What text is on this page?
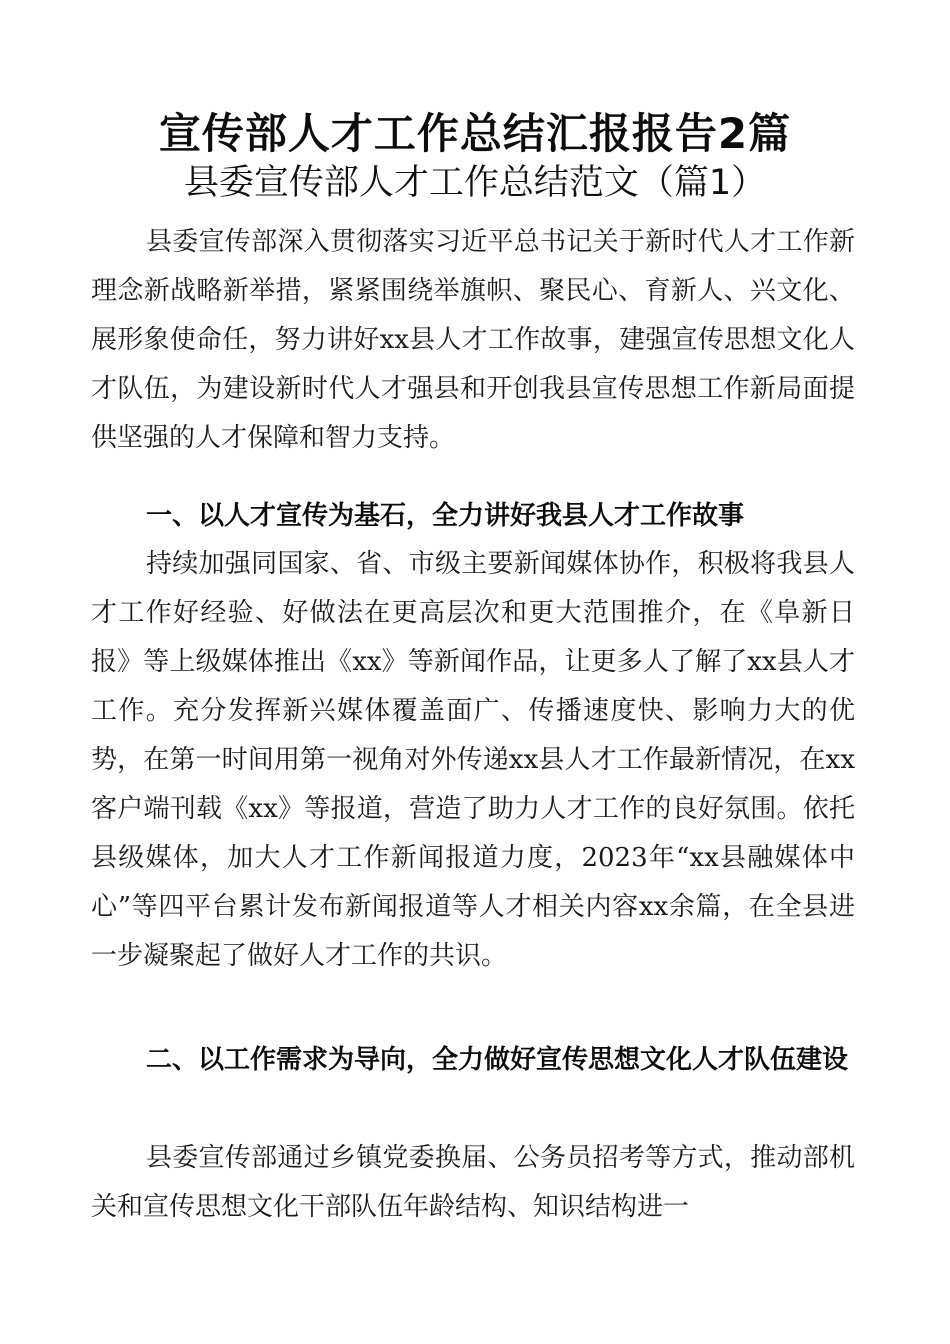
宣传部人才工作总结汇报报告2篇
县委宣传部人才工作总结范文（篇1）

县委宣传部深入贯彻落实习近平总书记关于新时代人才工作新理念新战略新举措，紧紧围绕举旗帜、聚民心、育新人、兴文化、展形象使命任，努力讲好xx县人才工作故事，建强宣传思想文化人才队伍，为建设新时代人才强县和开创我县宣传思想工作新局面提供坚强的人才保障和智力支持。

一、以人才宣传为基石，全力讲好我县人才工作故事

持续加强同国家、省、市级主要新闻媒体协作，积极将我县人才工作好经验、好做法在更高层次和更大范围推介，在《阜新日报》等上级媒体推出《xx》等新闻作品，让更多人了解了xx县人才工作。充分发挥新兴媒体覆盖面广、传播速度快、影响力大的优势，在第一时间用第一视角对外传递xx县人才工作最新情况，在xx客户端刊载《xx》等报道，营造了助力人才工作的良好氛围。依托县级媒体，加大人才工作新闻报道力度，2023年“xx县融媒体中心”等四平台累计发布新闻报道等人才相关内容xx余篇，在全县进一步凝聚起了做好人才工作的共识。

二、以工作需求为导向，全力做好宣传思想文化人才队伍建设

县委宣传部通过乡镇党委换届、公务员招考等方式，推动部机关和宣传思想文化干部队伍年龄结构、知识结构进一
